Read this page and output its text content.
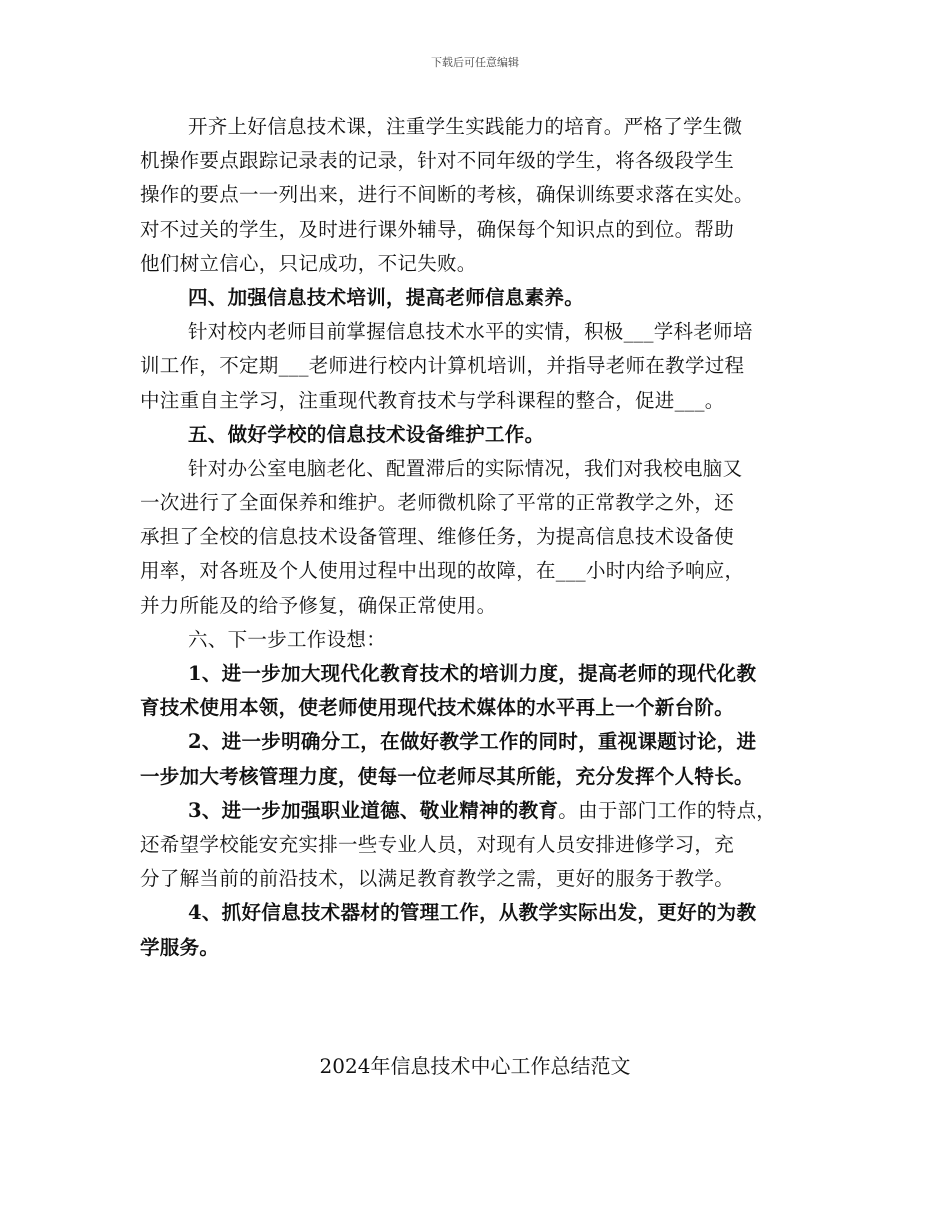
下载后可任意编辑
开齐上好信息技术课，注重学生实践能力的培育。严格了学生微
机操作要点跟踪记录表的记录，针对不同年级的学生，将各级段学生
操作的要点一一列出来，进行不间断的考核，确保训练要求落在实处。
对不过关的学生，及时进行课外辅导，确保每个知识点的到位。帮助
他们树立信心，只记成功，不记失败。
四、加强信息技术培训，提高老师信息素养。
针对校内老师目前掌握信息技术水平的实情，积极___学科老师培
训工作，不定期___老师进行校内计算机培训，并指导老师在教学过程
中注重自主学习，注重现代教育技术与学科课程的整合，促进___。
五、做好学校的信息技术设备维护工作。
针对办公室电脑老化、配置滞后的实际情况，我们对我校电脑又
一次进行了全面保养和维护。老师微机除了平常的正常教学之外，还
承担了全校的信息技术设备管理、维修任务，为提高信息技术设备使
用率，对各班及个人使用过程中出现的故障，在___小时内给予响应，
并力所能及的给予修复，确保正常使用。
六、下一步工作设想：
1、进一步加大现代化教育技术的培训力度，提高老师的现代化教
育技术使用本领，使老师使用现代技术媒体的水平再上一个新台阶。
2、进一步明确分工，在做好教学工作的同时，重视课题讨论，进
一步加大考核管理力度，使每一位老师尽其所能，充分发挥个人特长。
3、进一步加强职业道德、敬业精神的教育。由于部门工作的特点，
还希望学校能安充实排一些专业人员，对现有人员安排进修学习，充
分了解当前的前沿技术，以满足教育教学之需，更好的服务于教学。
4、抓好信息技术器材的管理工作，从教学实际出发，更好的为教
学服务。
2024年信息技术中心工作总结范文
